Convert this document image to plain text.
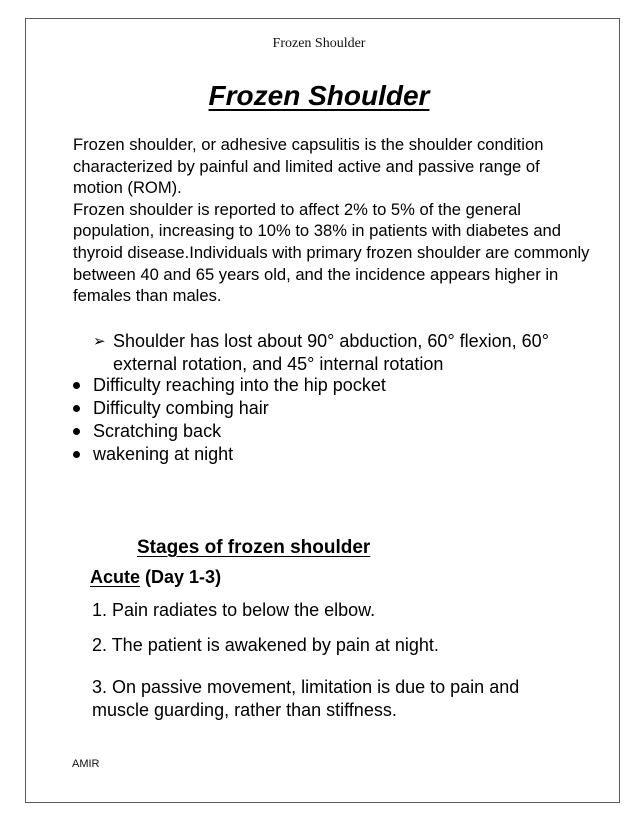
Frozen Shoulder
Frozen Shoulder

Frozen shoulder, or adhesive capsulitis is the shoulder condition characterized by painful and limited active and passive range of motion (ROM).

Frozen shoulder is reported to affect 2% to 5% of the general population, increasing to 10% to 38% in patients with diabetes and thyroid disease.Individuals with primary frozen shoulder are commonly between 40 and 65 years old, and the incidence appears higher in females than males.

➢ Shoulder has lost about 90° abduction, 60° flexion, 60° external rotation, and 45° internal rotation
Difficulty reaching into the hip pocket
Difficulty combing hair
Scratching back
wakening at night
Stages of frozen shoulder
Acute (Day 1-3)
1. Pain radiates to below the elbow.
2. The patient is awakened by pain at night.
3. On passive movement, limitation is due to pain and muscle guarding, rather than stiffness.
AMIR
